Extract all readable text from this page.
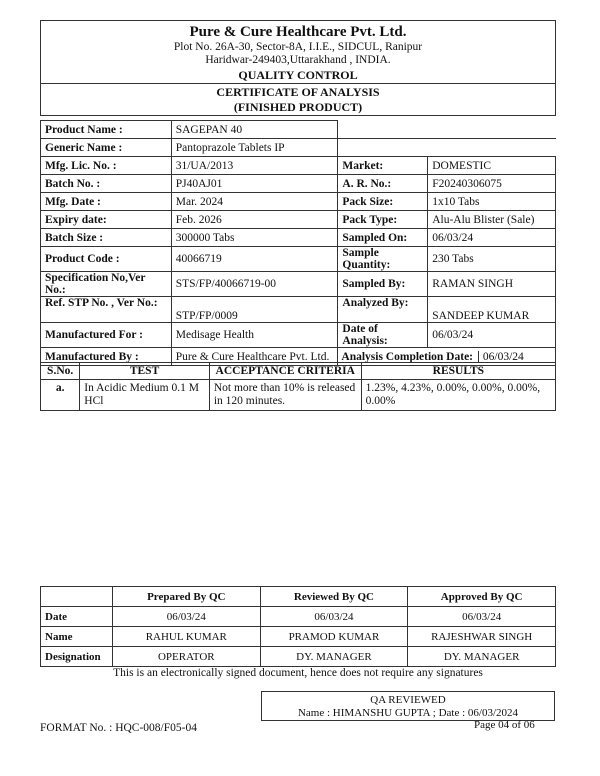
Pure & Cure Healthcare Pvt. Ltd.
Plot No. 26A-30, Sector-8A, I.I.E., SIDCUL, Ranipur
Haridwar-249403,Uttarakhand , INDIA.
QUALITY CONTROL
CERTIFICATE OF ANALYSIS
(FINISHED PRODUCT)
Product Name :	SAGEPAN 40		
Generic Name :	Pantoprazole Tablets IP		
Mfg. Lic. No. :	31/UA/2013	Market:	DOMESTIC
Batch No. :	PJ40AJ01	A. R. No.:	F20240306075
Mfg. Date :	Mar. 2024	Pack Size:	1x10 Tabs
Expiry date:	Feb. 2026	Pack Type:	Alu-Alu Blister (Sale)
Batch Size :	300000 Tabs	Sampled On:	06/03/24
Product Code :	40066719	Sample Quantity:	230 Tabs
Specification No,Ver No.:	STS/FP/40066719-00	Sampled By:	RAMAN SINGH
Ref. STP No. , Ver No.:	STP/FP/0009	Analyzed By:	SANDEEP KUMAR
Manufactured For :	Medisage Health	Date of Analysis:	06/03/24
Manufactured By :	Pure & Cure Healthcare Pvt. Ltd.	Analysis Completion Date: 06/03/24	
S.No.	TEST	ACCEPTANCE CRITERIA	RESULTS
a.	In Acidic Medium 0.1 M HCl	Not more than 10% is released in 120 minutes.	1.23%, 4.23%, 0.00%, 0.00%, 0.00%, 0.00%
	Prepared By QC	Reviewed By QC	Approved By QC
Date	06/03/24	06/03/24	06/03/24
Name	RAHUL KUMAR	PRAMOD KUMAR	RAJESHWAR SINGH
Designation	OPERATOR	DY. MANAGER	DY. MANAGER
This is an electronically signed document, hence does not require any signatures
QA REVIEWED
Name : HIMANSHU GUPTA ; Date : 06/03/2024
FORMAT No. : HQC-008/F05-04	Page 04 of 06
